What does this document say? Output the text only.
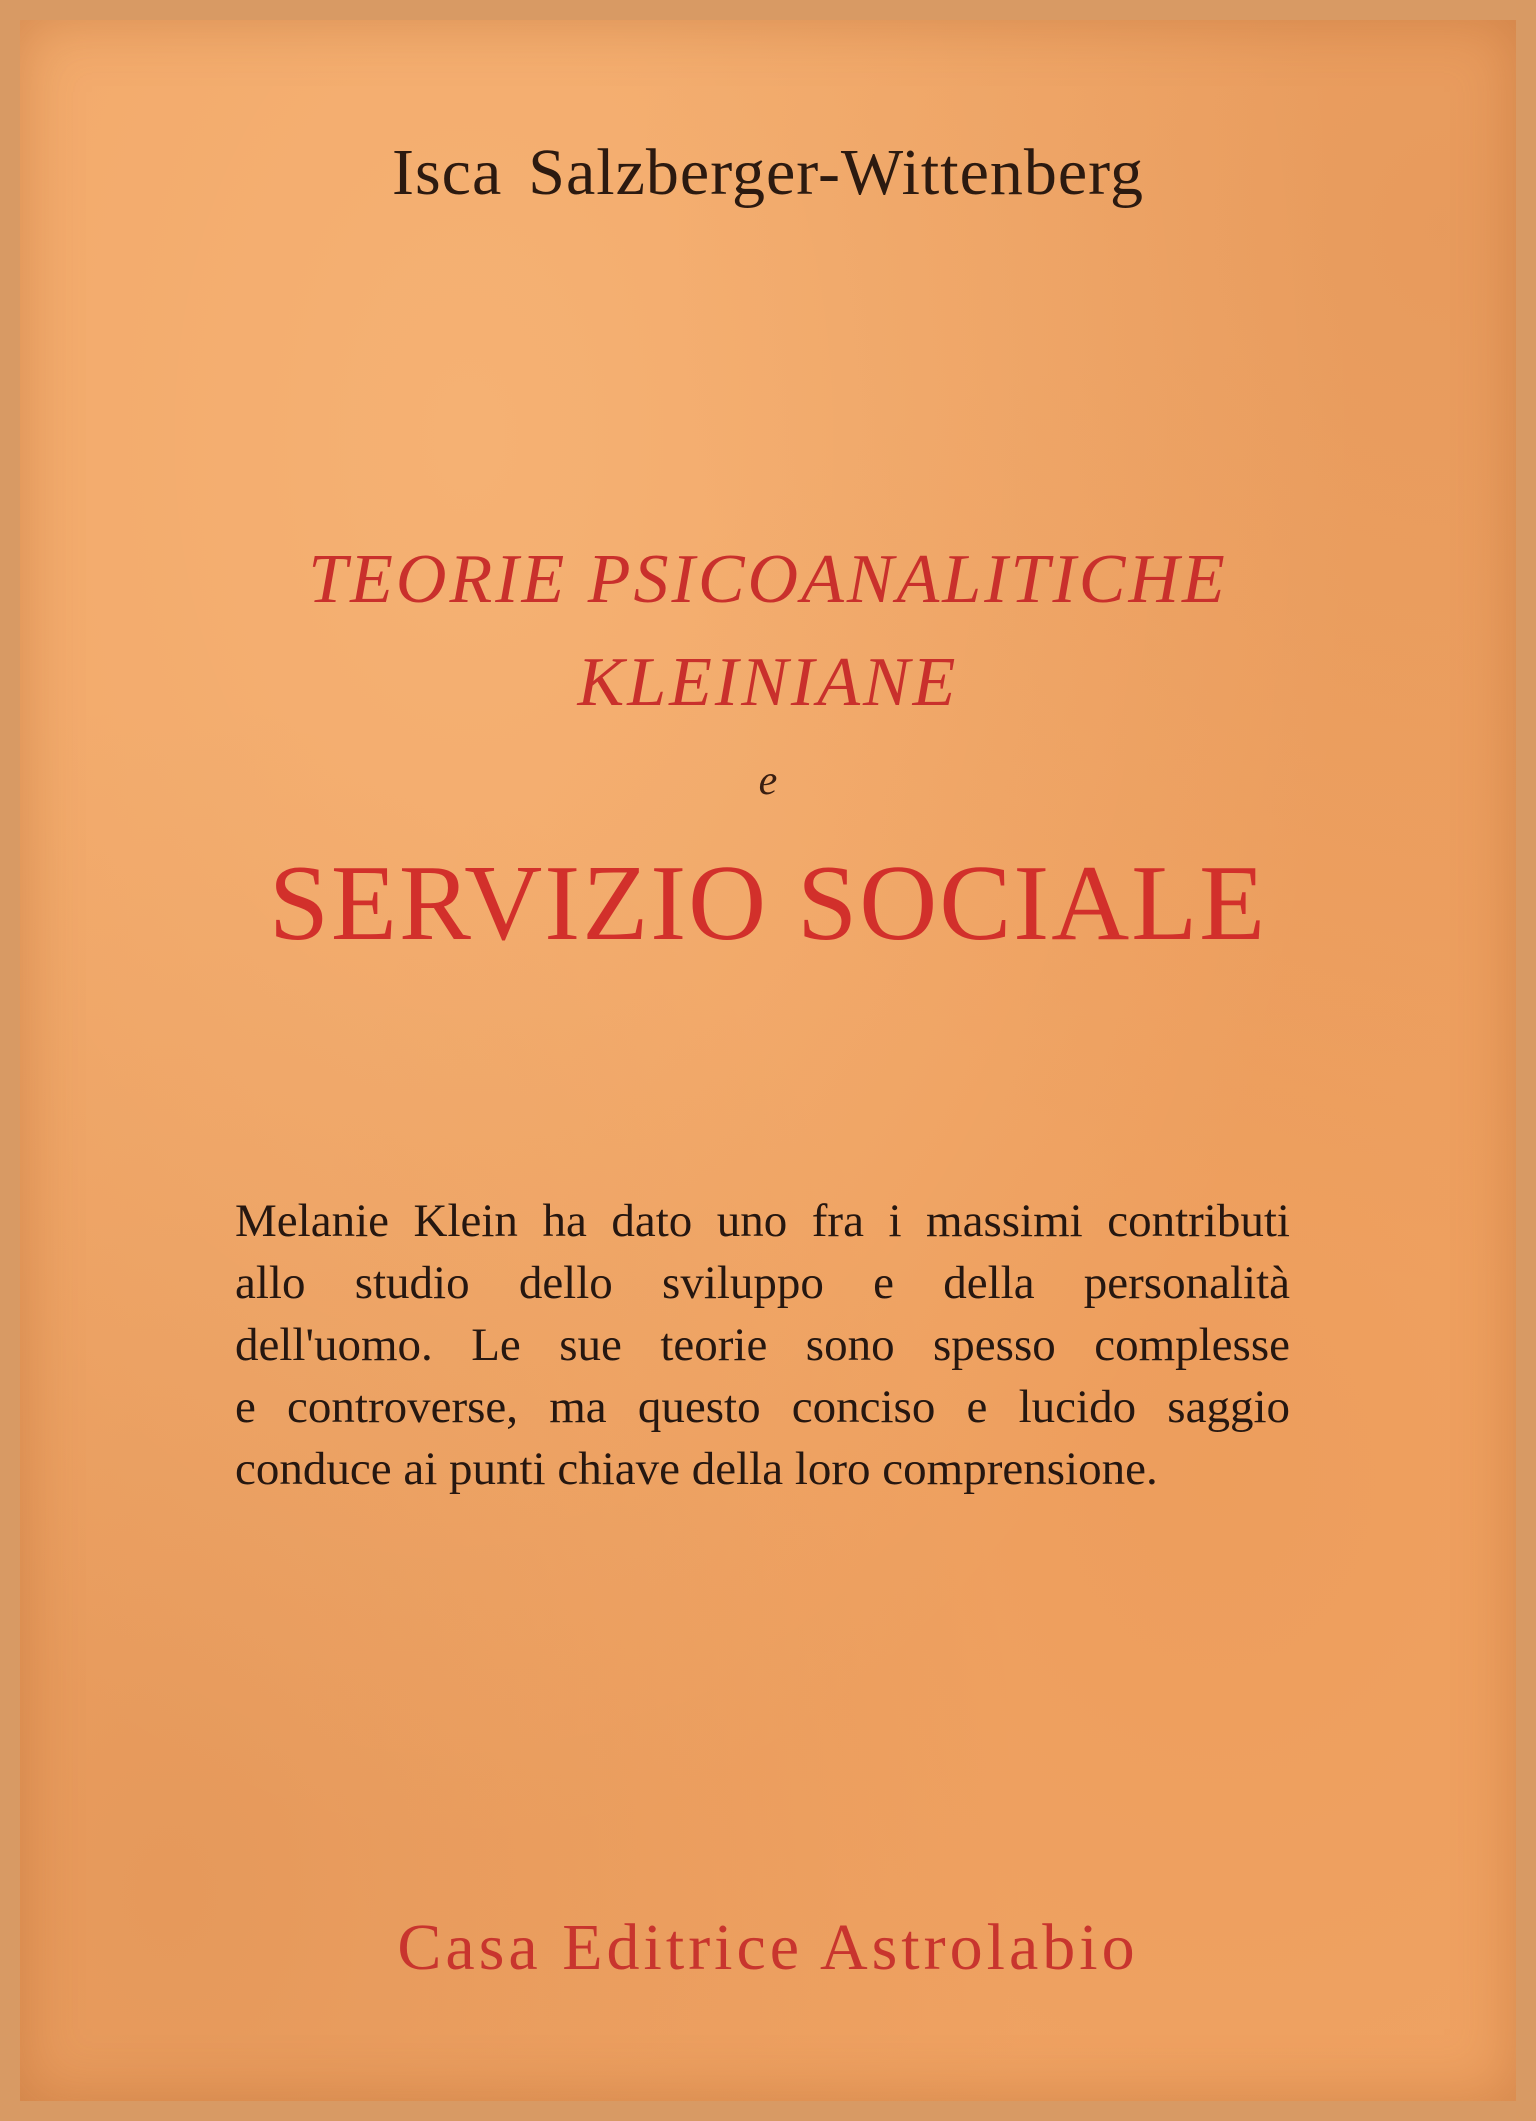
Isca Salzberger-Wittenberg
TEORIE PSICOANALITICHE
KLEINIANE
e
SERVIZIO SOCIALE
Melanie Klein ha dato uno fra i massimi contributi
allo studio dello sviluppo e della personalità
dell'uomo. Le sue teorie sono spesso complesse
e controverse, ma questo conciso e lucido saggio
conduce ai punti chiave della loro comprensione.
Casa Editrice Astrolabio
